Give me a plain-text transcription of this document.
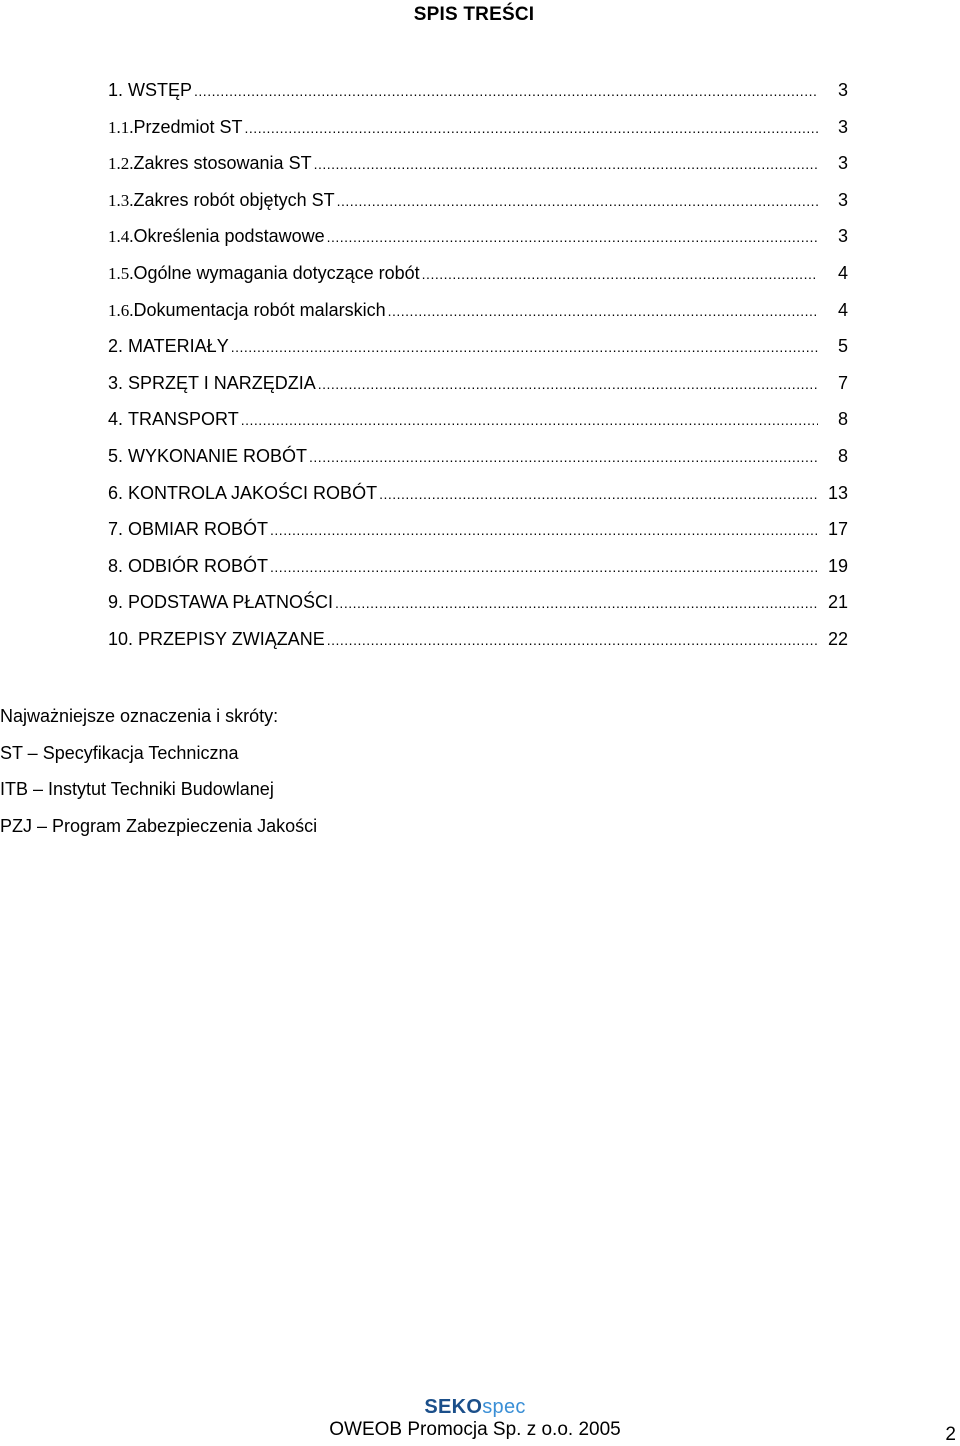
SPIS TREŚCI
1. WSTĘP .....	3
1.1. Przedmiot ST .....	3
1.2. Zakres stosowania ST .....	3
1.3. Zakres robót objętych ST .....	3
1.4. Określenia podstawowe .....	3
1.5. Ogólne wymagania dotyczące robót .....	4
1.6. Dokumentacja robót malarskich .....	4
2. MATERIAŁY .....	5
3. SPRZĘT I NARZĘDZIA .....	7
4. TRANSPORT .....	8
5. WYKONANIE ROBÓT .....	8
6. KONTROLA JAKOŚCI ROBÓT .....	13
7. OBMIAR ROBÓT .....	17
8. ODBIÓR ROBÓT .....	19
9. PODSTAWA PŁATNOŚCI .....	21
10. PRZEPISY ZWIĄZANE .....	22
Najważniejsze oznaczenia i skróty:
ST – Specyfikacja Techniczna
ITB – Instytut Techniki Budowlanej
PZJ – Program Zabezpieczenia Jakości
SEKOspec
OWEOB Promocja Sp. z o.o. 2005	2
